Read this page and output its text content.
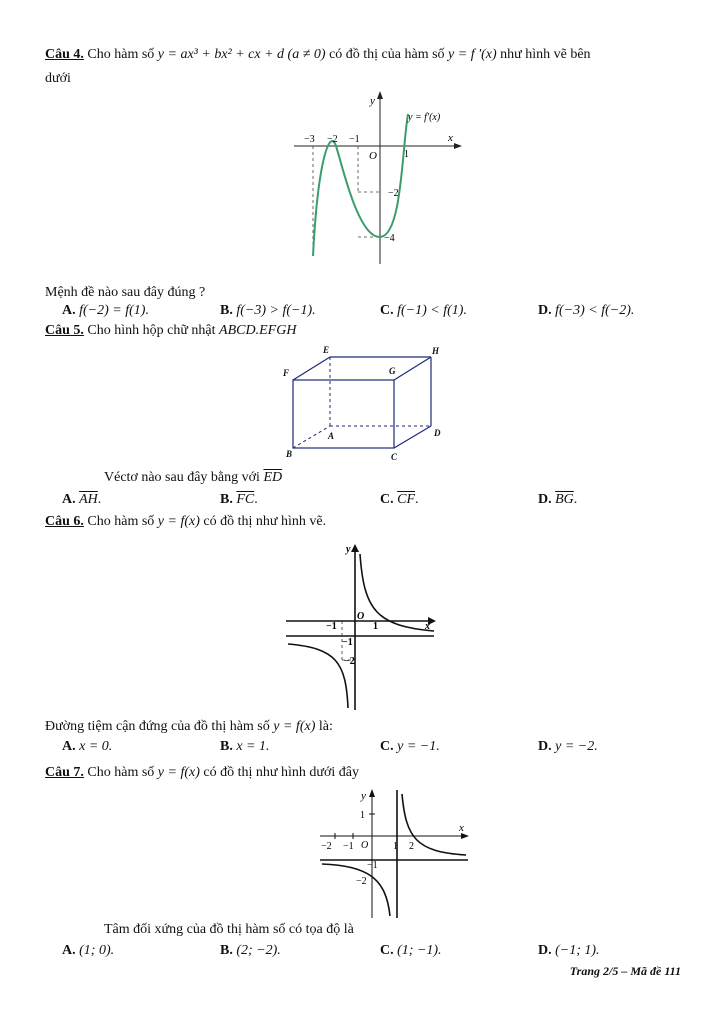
Câu 4. Cho hàm số y = ax³ + bx² + cx + d (a ≠ 0) có đồ thị của hàm số y = f '(x) như hình vẽ bên
dưới
y
x
O
y = f'(x)
−3 −2 −1
1
−2
−4
Mệnh đề nào sau đây đúng ?
A. f(−2) = f(1).	B. f(−3) > f(−1).	C. f(−1) < f(1).	D. f(−3) < f(−2).
Câu 5. Cho hình hộp chữ nhật ABCD.EFGH
E	H
F	G
A	D
B	C
Véctơ nào sau đây bằng với $\overline{ED}$
A. $\overline{AH}$.	B. $\overline{FC}$.	C. $\overline{CF}$.	D. $\overline{BG}$.
Câu 6. Cho hàm số y = f(x) có đồ thị như hình vẽ.
y
x
O
−1	1
−1
−2
Đường tiệm cận đứng của đồ thị hàm số y = f(x) là:
A. x = 0.	B. x = 1.	C. y = −1.	D. y = −2.
Câu 7. Cho hàm số y = f(x) có đồ thị như hình dưới đây
y
x
O
−2 −1	1 2
1
−1
−2
Tâm đối xứng của đồ thị hàm số có tọa độ là
A. (1; 0).	B. (2; −2).	C. (1; −1).	D. (−1; 1).
Trang 2/5 – Mã đề 111
